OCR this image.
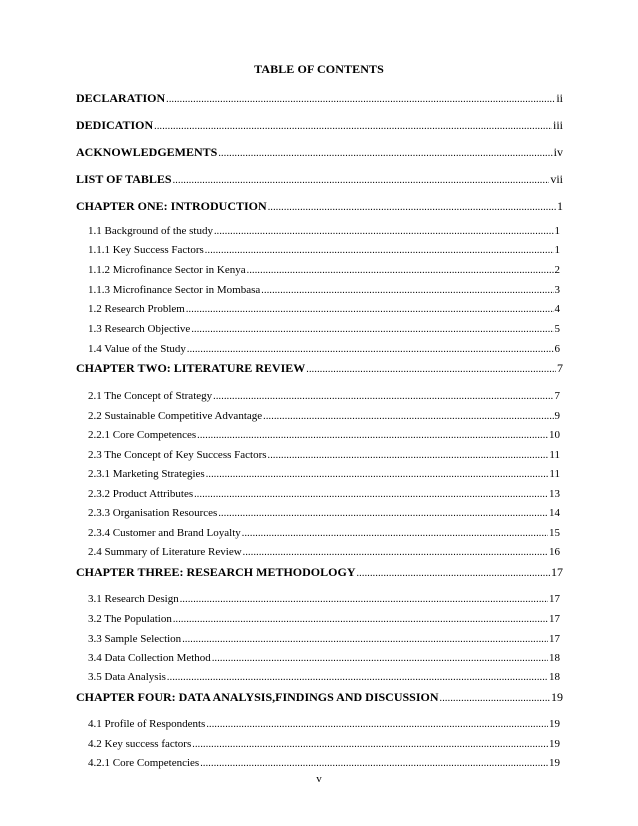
TABLE OF CONTENTS
DECLARATION .....	ii
DEDICATION .....	iii
ACKNOWLEDGEMENTS .....	iv
LIST OF TABLES .....	vii
CHAPTER ONE: INTRODUCTION .....	1
1.1 Background of the study .....	1
1.1.1 Key Success Factors .....	1
1.1.2 Microfinance Sector in Kenya .....	2
1.1.3 Microfinance Sector in Mombasa .....	3
1.2 Research Problem .....	4
1.3 Research Objective .....	5
1.4 Value of the Study .....	6
CHAPTER TWO: LITERATURE REVIEW .....	7
2.1 The Concept of Strategy .....	7
2.2 Sustainable Competitive Advantage .....	9
2.2.1 Core Competences .....	10
2.3 The Concept of Key Success Factors .....	11
2.3.1 Marketing Strategies .....	11
2.3.2 Product Attributes .....	13
2.3.3 Organisation Resources .....	14
2.3.4 Customer and Brand Loyalty .....	15
2.4 Summary of Literature Review .....	16
CHAPTER THREE: RESEARCH METHODOLOGY .....	17
3.1 Research Design .....	17
3.2 The Population .....	17
3.3 Sample Selection .....	17
3.4 Data Collection Method .....	18
3.5 Data Analysis .....	18
CHAPTER FOUR: DATA ANALYSIS,FINDINGS AND DISCUSSION .....	19
4.1 Profile of Respondents .....	19
4.2 Key success factors .....	19
4.2.1 Core Competencies .....	19
v
